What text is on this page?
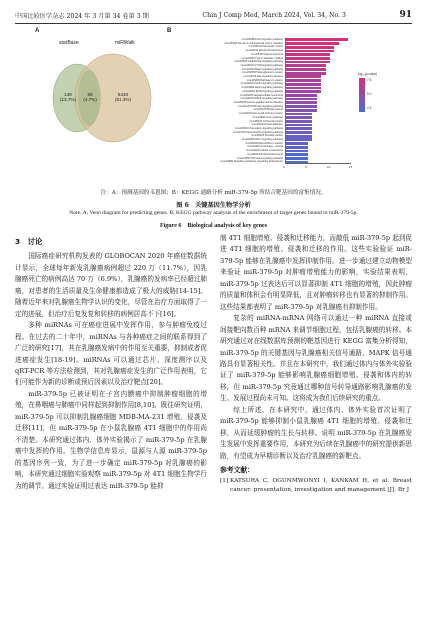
中国比较医学杂志 2024 年 3 月第 34 卷第 3 期	Chin J Comp Med, March 2024, Vol. 34, No. 3	91
A	B
starBase	miRWalk
148
(13.7%)
56
(4.7%)
6433
(81.3%)
mmu04068:FoxO signaling pathway
mmu05166:Human T-cell leukemia virus 1 infection
mmu05212:Pancreatic cancer
mmu05211:Renal cell carcinoma
mmu05167:Kaposi sarcoma
mmu04930:Type II diabetes mellitus
mmu04933:AGE-RAGE signaling pathway
mmu04150:mTOR signaling pathway
mmu04015:Rap1 signaling pathway
mmu05205:Proteoglycans in cancer
mmu04014:Ras signaling pathway
mmu05200:Pathways in cancer
mmu04910:Insulin signaling pathway
mmu04390:Hippo signaling pathway
mmu04012:ErbB signaling pathway
mmu05225:Hepatocellular carcinoma
mmu04010:MAPK signaling pathway
mmu05165:Human papillomavirus infection
mmu04151:PI3K-Akt signaling pathway
mmu05224:Breast cancer
mmu05223:Non-small cell lung cancer
mmu04360:Axon guidance
mmu05210:Colorectal cancer
mmu04510:Focal adhesion
mmu04062:Chemokine signaling pathway
mmu04722:Neurotrophin signaling pathway
mmu05215:Prostate cancer
mmu04066:HIF-1 signaling pathway
mmu05206:MicroRNAs in cancer
mmu04140:Autophagy - animal
mmu04218:Cellular senescence
mmu05213:Endometrial cancer
mmu04350:TGF-beta signaling pathway
mmu04550:Signaling pathways regulating pluripotency
0	5	10	15
-log₁₀(p value)
7.5
5.0
2.5
注：A：预测基因的韦恩图；B：KEGG 通路分析 miR-379-5p 所结合靶基因的富集情况。
图 6　关键基因生物学分析
Note. A, Venn diagram for predicting genes. B, KEGG pathway analysis of the enrichment of target genes bound to miR-379-5p.
Figure 6　Biological analysis of key genes
3　讨论

国际癌症研究机构发表的 GLOBOCAN 2020 年癌症数据统计显示，全球每年新发乳腺癌病例超过 220 万（11.7%），因乳腺癌死亡的病例高达 70 万（6.9%），乳腺癌的发病率已经超过肺癌，对患者的生活质量及生命健康都造成了极大的威胁[14-15]。随着近年来对乳腺癌生物学认识的变化，尽管在治疗方面取得了一定的进展，但治疗后复发复和转移的病例居高不下[16]。

多种 miRNAs 可在癌症进展中发挥作用，参与肿瘤免疫过程。在过去的二十年中，miRNAs 与各种癌症之间的联系得到了广泛的研究[17]，其在乳腺癌发病中的作用至关重要，抑制或者促进癌症发生[18-19]。miRNAs 可以通过芯片、深度测序以及 qRT-PCR 等方法检测到，其对乳腺癌症发生的广泛作用表明，它们可能作为新的诊断或预后因素以及治疗靶点[20]。

miR-379-5p 已被证明在子宫内膜癌中抑制肿瘤细胞的增殖，在鼻咽癌与肺癌中同样起到抑制作用[8,10]。既往研究证明，miR-379-5p 可以抑制乳腺癌细胞 MDB-MA-231 增殖、侵袭及迁移[11]，但 miR-379-5p 在小鼠乳腺癌 4T1 细胞中的作用尚不清楚。本研究通过体内、体外实验揭示了 miR-379-5p 在乳腺癌中发挥的作用。生物学信息库显示，鼠源与人源 miR-379-5p 的基因序列一致，为了进一步确定 miR-379-5p 对乳腺癌的影响，本研究通过细胞实验观察 miR-379-5p 对 4T1 细胞生物学行为的调节。通过实验证明过表达 miR-379-5p 能抑

制 4T1 细胞增殖、侵袭和迁移能力，而敲低 miR-379-5p 起到促进 4T1 细胞的增殖、侵袭和迁移的作用。这些实验验证 miR-379-5p 能够在乳腺癌中发挥抑制作用。进一步通过建立动物模型来验证 miR-379-5p 对肿瘤增殖能力的影响，实验结果表明，miR-379-5p 过表达后可以显著抑制 4T1 细胞的增殖，因此肿瘤的质量和体积会有明显降低，且对肿瘤转移也有显著的抑制作用。这些结果都表明了 miR-379-5p 对乳腺癌有抑制作用。

复杂的 miRNA-mRNA 网络可以通过一种 miRNA 直接或间接靶向数百种 mRNA 来调节细胞过程，包括乳腺癌的转移。本研究通过对在线数据库预测的靶基因进行 KEGG 富集分析得知，miR-379-5p 的关键基因与乳腺癌相关信号通路、MAPK 信号通路具有显著相关性。并且在本研究中，我们通过体内与体外实验验证了 miR-379-5p 能够影响乳腺癌细胞增殖、侵袭和体内的转移，但 miR-379-5p 究竟通过哪种信号转导通路影响乳腺癌的发生、发展过程尚未可知。这将成为我们后续研究的重点。

综上所述，在本研究中，通过体内、体外实验首次证明了 miR-379-5p 能够抑制小鼠乳腺癌 4T1 细胞的增殖、侵袭和迁移，从而延缓肿瘤的生长与转移。说明 miR-379-5p 在乳腺癌发生发展中发挥重要作用，本研究为后续在乳腺癌中的研究提供新思路，有望成为早期诊断以及治疗乳腺癌的新靶点。

参考文献：
[1] KATSURA C, OGUNMWONYI I, KANKAM H, et al. Breast cancer: presentation, investigation and management [J]. Br J
